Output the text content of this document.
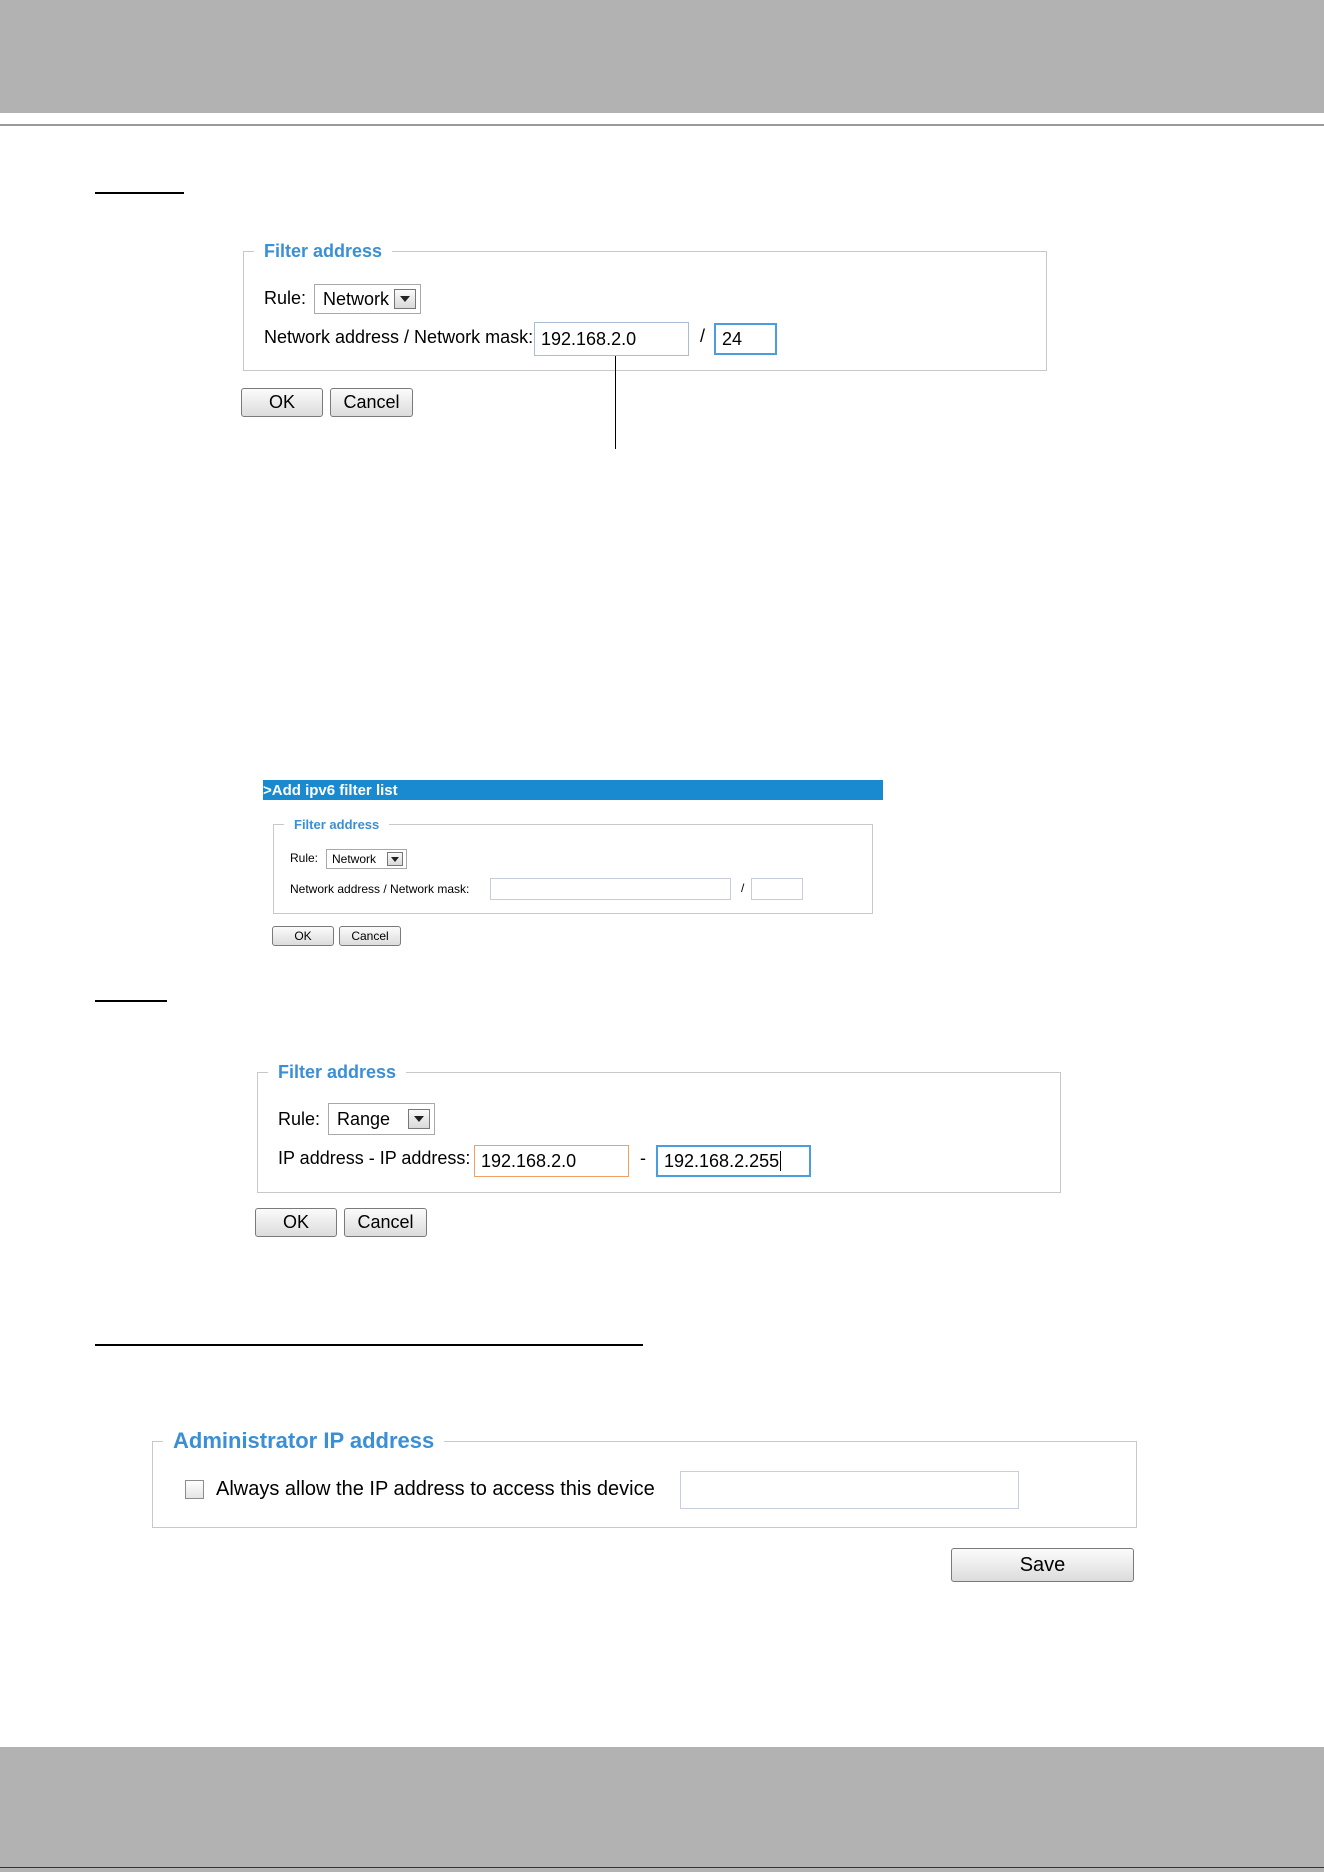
Filter address
Rule: Network
Network address / Network mask: 192.168.2.0	/ 24
OK	Cancel
>Add ipv6 filter list
Filter address
Rule: Network
Network address / Network mask:	/
OK	Cancel
Filter address
Rule: Range
IP address - IP address: 192.168.2.0	- 192.168.2.255
OK	Cancel
Administrator IP address
Always allow the IP address to access this device
Save
